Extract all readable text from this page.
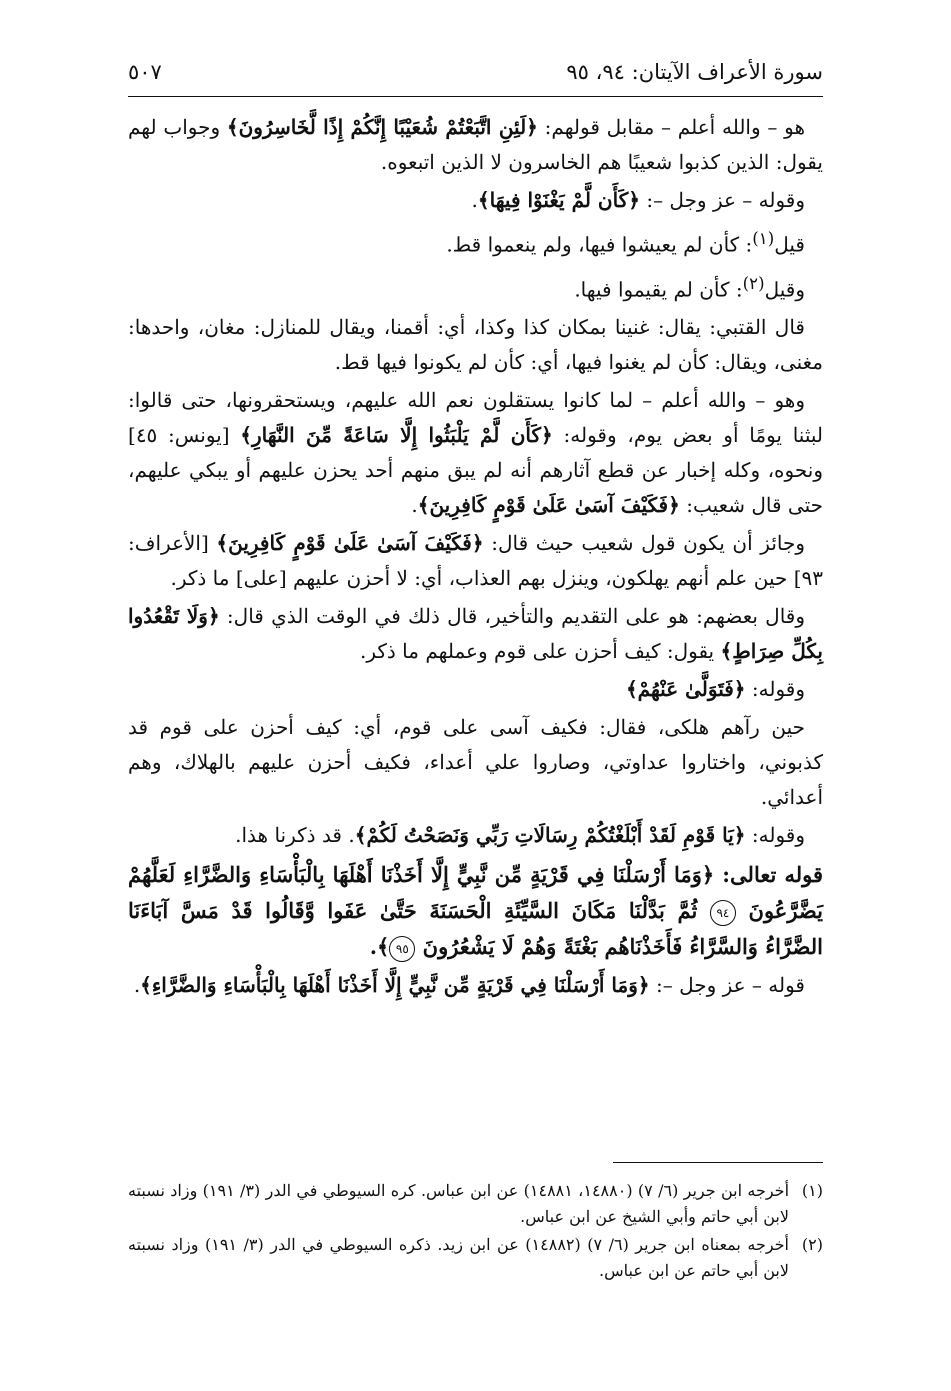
سورة الأعراف الآيتان: ٩٤، ٩٥
٥٠٧

هو – والله أعلم – مقابل قولهم: ﴿لَئِنِ اتَّبَعْتُمْ شُعَيْبًا إِنَّكُمْ إِذًا لَّخَاسِرُونَ﴾ وجواب لهم يقول: الذين كذبوا شعيبًا هم الخاسرون لا الذين اتبعوه.

وقوله – عز وجل –: ﴿كَأَن لَّمْ يَغْنَوْا فِيهَا﴾.

قيل$^{(١)}$: كأن لم يعيشوا فيها، ولم ينعموا قط.

وقيل$^{(٢)}$: كأن لم يقيموا فيها.

قال القتبي: يقال: غنينا بمكان كذا وكذا، أي: أقمنا، ويقال للمنازل: مغان، واحدها: مغنى، ويقال: كأن لم يغنوا فيها، أي: كأن لم يكونوا فيها قط.

وهو – والله أعلم – لما كانوا يستقلون نعم الله عليهم، ويستحقرونها، حتى قالوا: لبثنا يومًا أو بعض يوم، وقوله: ﴿كَأَن لَّمْ يَلْبَثُوا إِلَّا سَاعَةً مِّنَ النَّهَارِ﴾ [يونس: ٤٥] ونحوه، وكله إخبار عن قطع آثارهم أنه لم يبق منهم أحد يحزن عليهم أو يبكي عليهم، حتى قال شعيب: ﴿فَكَيْفَ آسَىٰ عَلَىٰ قَوْمٍ كَافِرِينَ﴾.

وجائز أن يكون قول شعيب حيث قال: ﴿فَكَيْفَ آسَىٰ عَلَىٰ قَوْمٍ كَافِرِينَ﴾ [الأعراف: ٩٣] حين علم أنهم يهلكون، وينزل بهم العذاب، أي: لا أحزن عليهم [على] ما ذكر.

وقال بعضهم: هو على التقديم والتأخير، قال ذلك في الوقت الذي قال: ﴿وَلَا تَقْعُدُوا بِكُلِّ صِرَاطٍ﴾ يقول: كيف أحزن على قوم وعملهم ما ذكر.

وقوله: ﴿فَتَوَلَّىٰ عَنْهُمْ﴾

حين رآهم هلكى، فقال: فكيف آسى على قوم، أي: كيف أحزن على قوم قد كذبوني، واختاروا عداوتي، وصاروا علي أعداء، فكيف أحزن عليهم بالهلاك، وهم أعدائي.

وقوله: ﴿يَا قَوْمِ لَقَدْ أَبْلَغْتُكُمْ رِسَالَاتِ رَبِّي وَنَصَحْتُ لَكُمْ﴾. قد ذكرنا هذا.

قوله تعالى: ﴿وَمَا أَرْسَلْنَا فِي قَرْيَةٍ مِّن نَّبِيٍّ إِلَّا أَخَذْنَا أَهْلَهَا بِالْبَأْسَاءِ وَالضَّرَّاءِ لَعَلَّهُمْ يَضَّرَّعُونَ ٩٤ ثُمَّ بَدَّلْنَا مَكَانَ السَّيِّئَةِ الْحَسَنَةَ حَتَّىٰ عَفَوا وَّقَالُوا قَدْ مَسَّ آبَاءَنَا الضَّرَّاءُ وَالسَّرَّاءُ فَأَخَذْنَاهُم بَغْتَةً وَهُمْ لَا يَشْعُرُونَ ٩٥﴾.

قوله – عز وجل –: ﴿وَمَا أَرْسَلْنَا فِي قَرْيَةٍ مِّن نَّبِيٍّ إِلَّا أَخَذْنَا أَهْلَهَا بِالْبَأْسَاءِ وَالضَّرَّاءِ﴾.

(١)
أخرجه ابن جرير (٦/ ٧) (١٤٨٨٠، ١٤٨٨١) عن ابن عباس. كره السيوطي في الدر (٣/ ١٩١) وزاد نسبته لابن أبي حاتم وأبي الشيخ عن ابن عباس.
(٢)
أخرجه بمعناه ابن جرير (٦/ ٧) (١٤٨٨٢) عن ابن زيد. ذكره السيوطي في الدر (٣/ ١٩١) وزاد نسبته لابن أبي حاتم عن ابن عباس.
